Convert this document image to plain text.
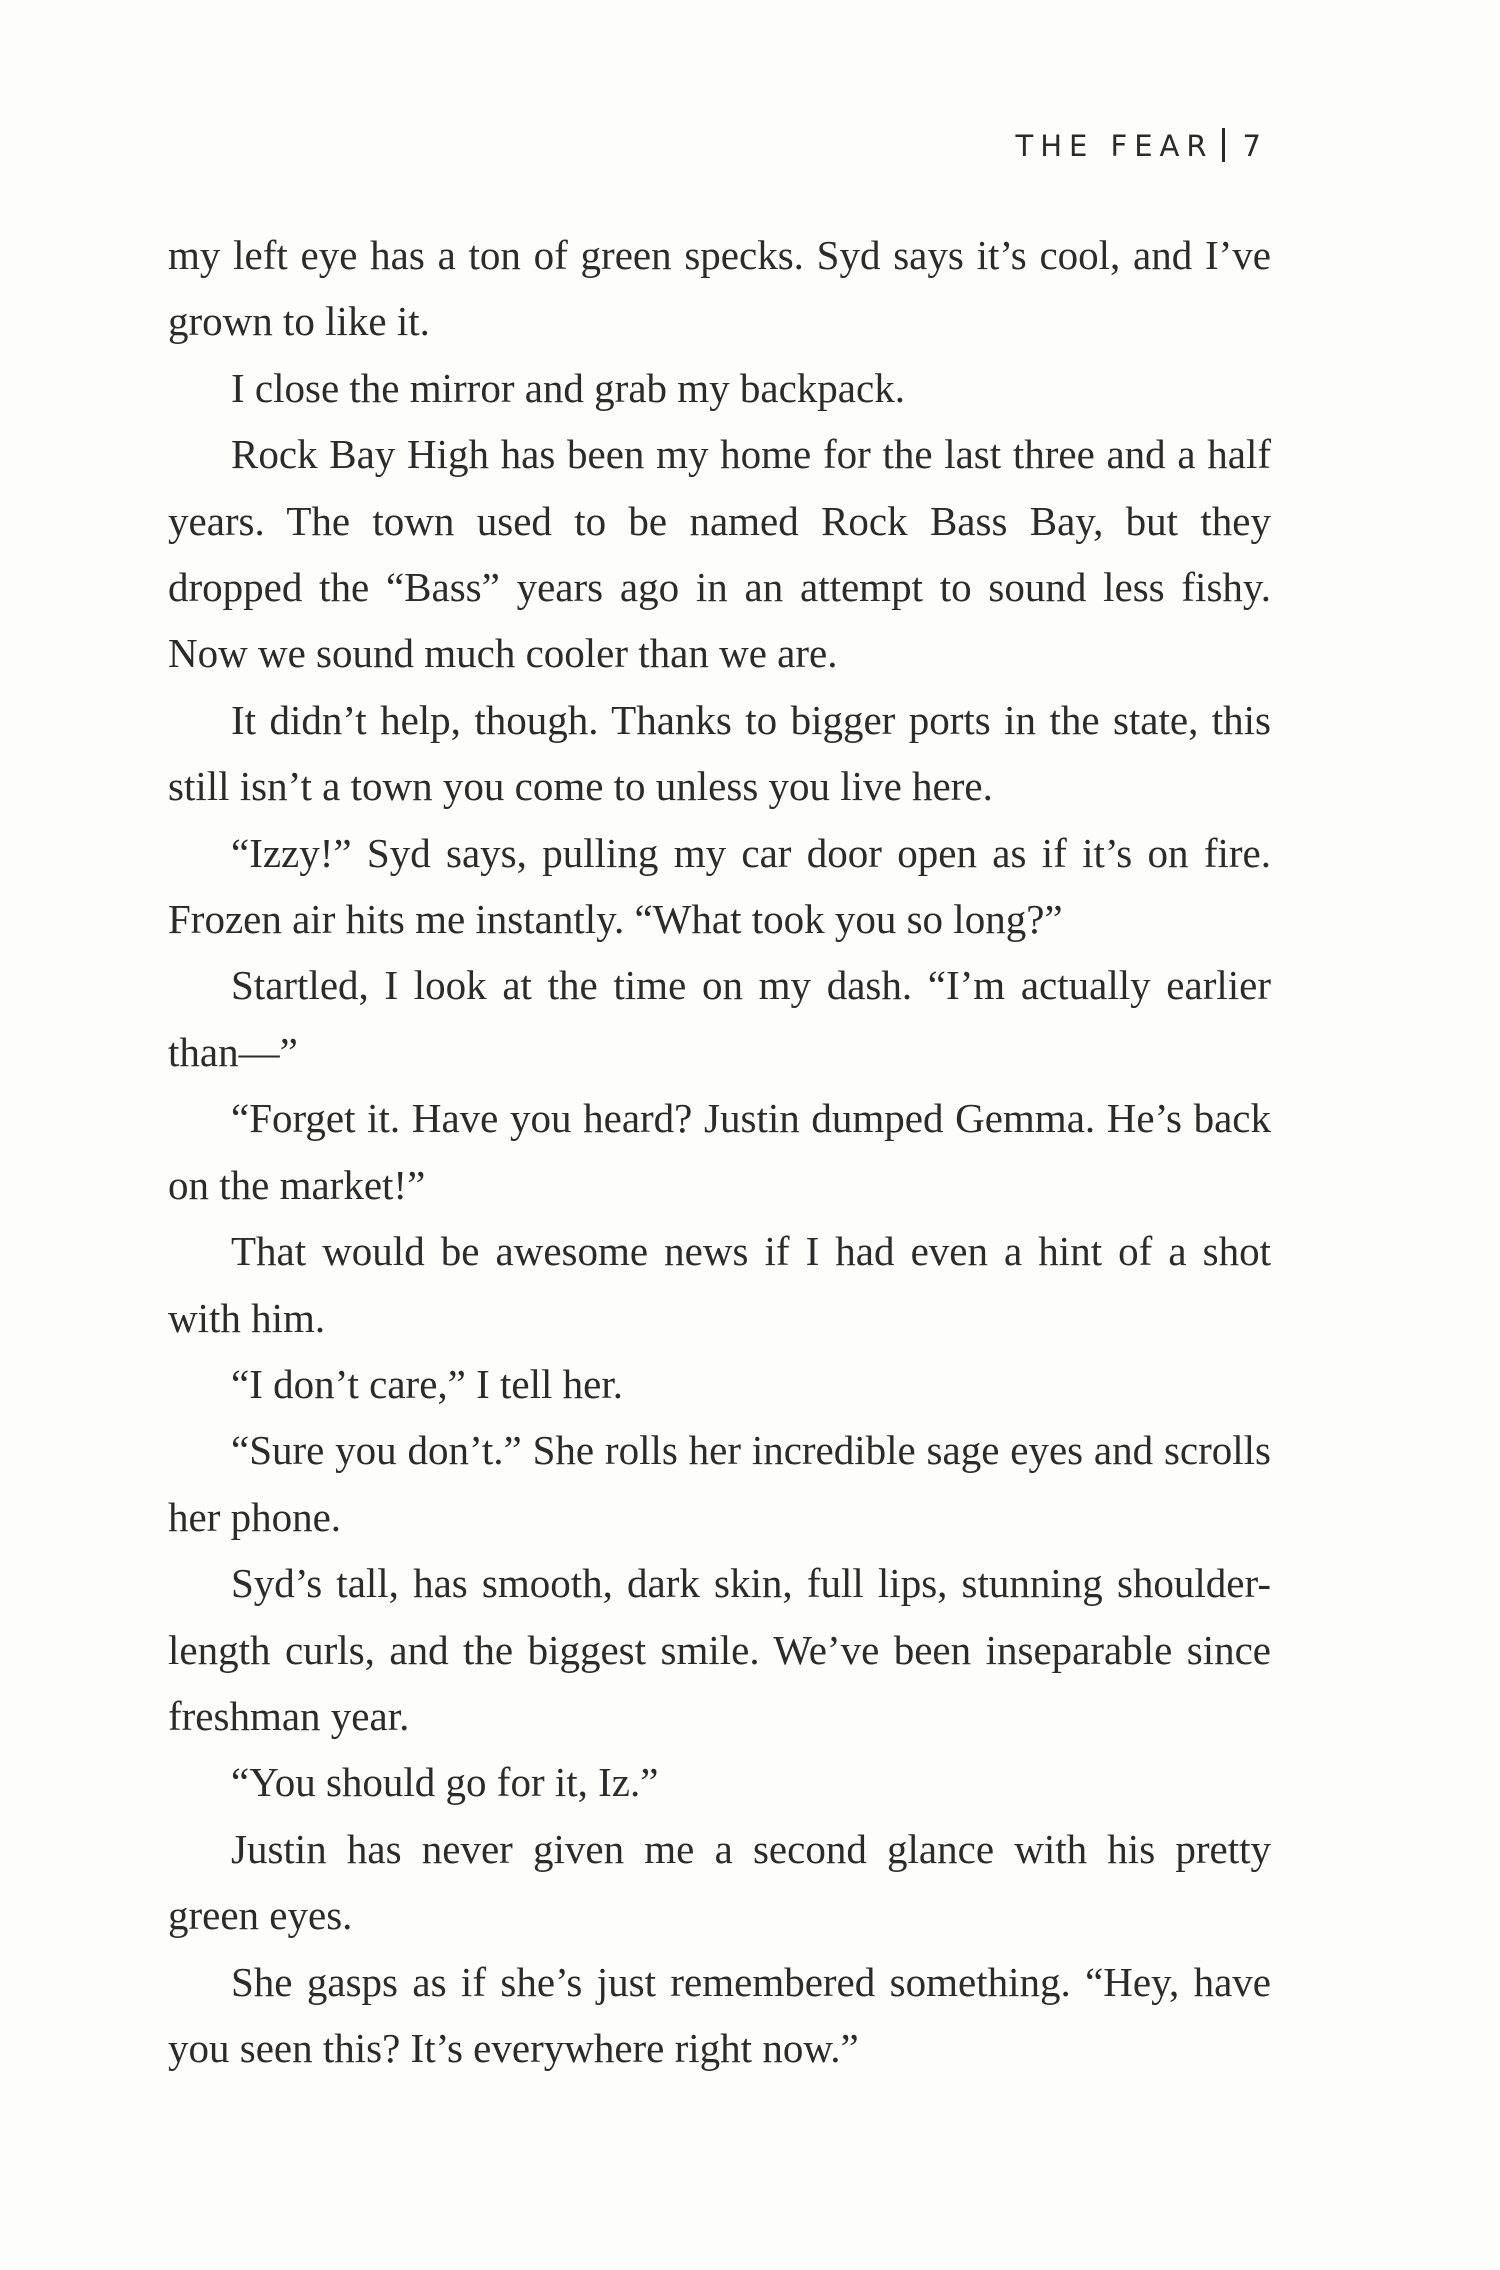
THE FEAR 7

my left eye has a ton of green specks. Syd says it’s cool, and I’ve grown to like it.

I close the mirror and grab my backpack.

Rock Bay High has been my home for the last three and a half years. The town used to be named Rock Bass Bay, but they dropped the “Bass” years ago in an attempt to sound less fishy. Now we sound much cooler than we are.

It didn’t help, though. Thanks to bigger ports in the state, this still isn’t a town you come to unless you live here.

“Izzy!” Syd says, pulling my car door open as if it’s on fire. Frozen air hits me instantly. “What took you so long?”

Startled, I look at the time on my dash. “I’m actually earlier than—”

“Forget it. Have you heard? Justin dumped Gemma. He’s back on the market!”

That would be awesome news if I had even a hint of a shot with him.

“I don’t care,” I tell her.

“Sure you don’t.” She rolls her incredible sage eyes and scrolls her phone.

Syd’s tall, has smooth, dark skin, full lips, stunning shoulder-length curls, and the biggest smile. We’ve been inseparable since freshman year.

“You should go for it, Iz.”

Justin has never given me a second glance with his pretty green eyes.

She gasps as if she’s just remembered something. “Hey, have you seen this? It’s everywhere right now.”
